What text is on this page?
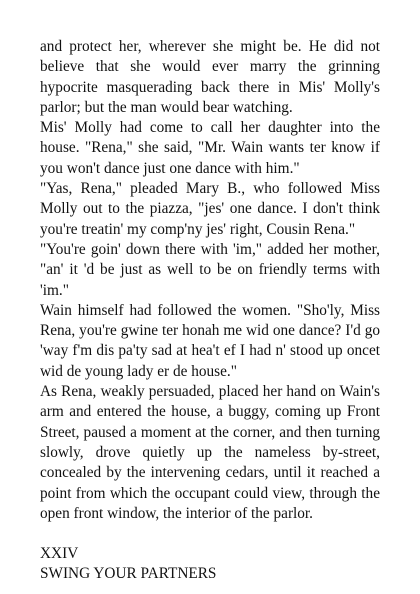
and protect her, wherever she might be. He did not believe that she would ever marry the grinning hypocrite masquerading back there in Mis' Molly's parlor; but the man would bear watching.

Mis' Molly had come to call her daughter into the house. "Rena," she said, "Mr. Wain wants ter know if you won't dance just one dance with him."

"Yas, Rena," pleaded Mary B., who followed Miss Molly out to the piazza, "jes' one dance. I don't think you're treatin' my comp'ny jes' right, Cousin Rena."

"You're goin' down there with 'im," added her mother, "an' it 'd be just as well to be on friendly terms with 'im."

Wain himself had followed the women. "Sho'ly, Miss Rena, you're gwine ter honah me wid one dance? I'd go 'way f'm dis pa'ty sad at hea't ef I had n' stood up oncet wid de young lady er de house."

As Rena, weakly persuaded, placed her hand on Wain's arm and entered the house, a buggy, coming up Front Street, paused a moment at the corner, and then turning slowly, drove quietly up the nameless by-street, concealed by the intervening cedars, until it reached a point from which the occupant could view, through the open front window, the interior of the parlor.

XXIV

SWING YOUR PARTNERS
